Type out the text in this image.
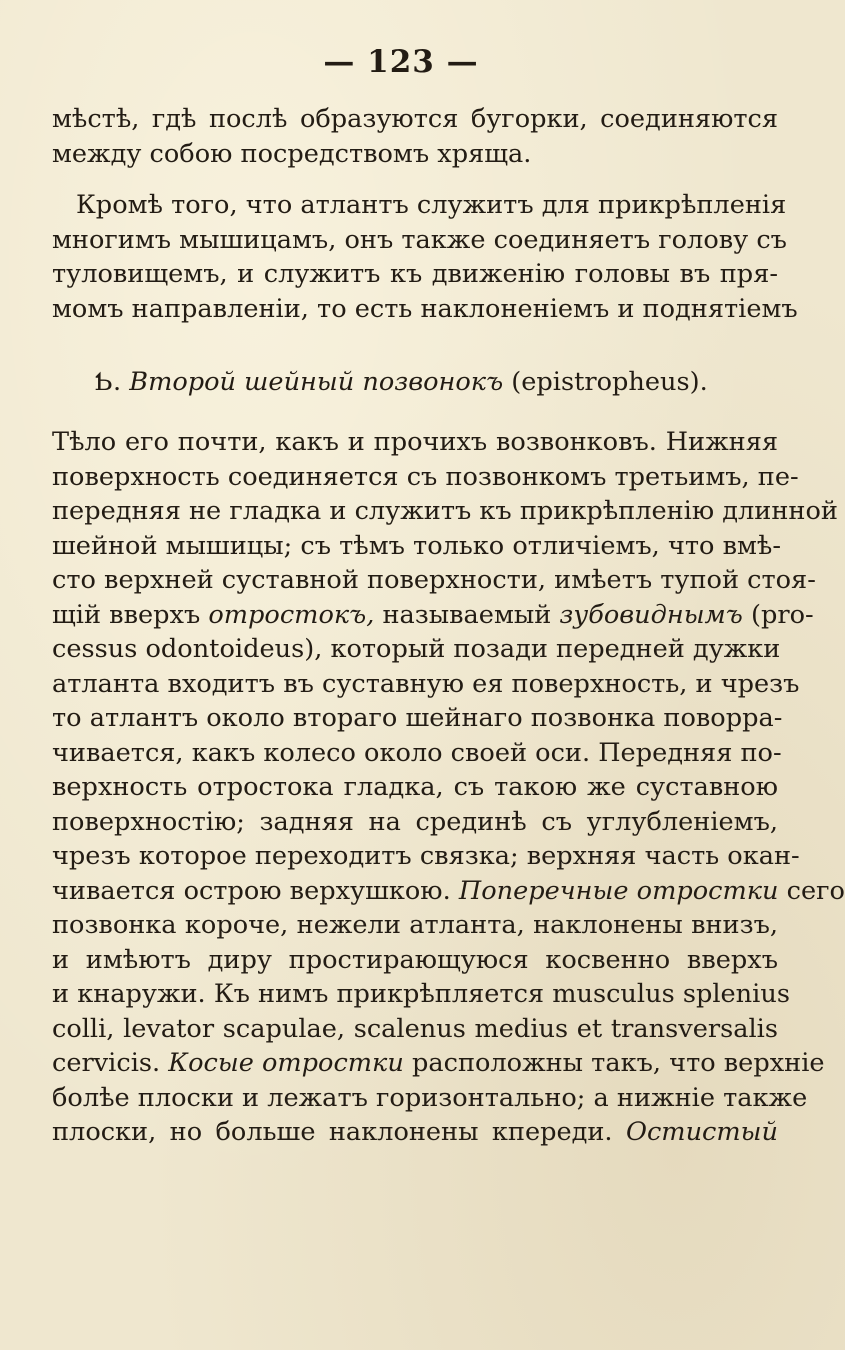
— 123 —
мѣстѣ, гдѣ послѣ образуются бугорки, соединяются
между собою посредствомъ хряща.
Кромѣ того, что атлантъ служитъ для прикрѣпленія
многимъ мышицамъ, онъ также соединяетъ голову съ
туловищемъ, и служитъ къ движенію головы въ пря-
момъ направленіи, то есть наклоненіемъ и поднятіемъ
Ƅ. Второй шейный позвонокъ (epistropheus).
Тѣло его почти, какъ и прочихъ возвонковъ. Нижняя
поверхность соединяется съ позвонкомъ третьимъ, пе-
передняя не гладка и служитъ къ прикрѣпленію длинной
шейной мышицы; съ тѣмъ только отличіемъ, что вмѣ-
сто верхней суставной поверхности, имѣетъ тупой стоя-
щій вверхъ отростокъ, называемый зубовиднымъ (pro-
cessus odontoideus), который позади передней дужки
атланта входитъ въ суставную ея поверхность, и чрезъ
то атлантъ около втораго шейнаго позвонка поворра-
чивается, какъ колесо около своей оси. Передняя по-
верхность отростока гладка, съ такою же суставною
поверхностію; задняя на срединѣ съ углубленіемъ,
чрезъ которое переходитъ связка; верхняя часть окан-
чивается острою верхушкою. Поперечные отростки сего
позвонка короче, нежели атланта, наклонены внизъ,
и имѣютъ диру простирающуюся косвенно вверхъ
и кнаружи. Къ нимъ прикрѣпляется musculus splenius
colli, levator scapulae, scalenus medius et transversalis
cervicis. Косые отростки расположны такъ, что верхніе
болѣе плоски и лежатъ горизонтально; а нижніе также
плоски, но больше наклонены кпереди. Остистый
